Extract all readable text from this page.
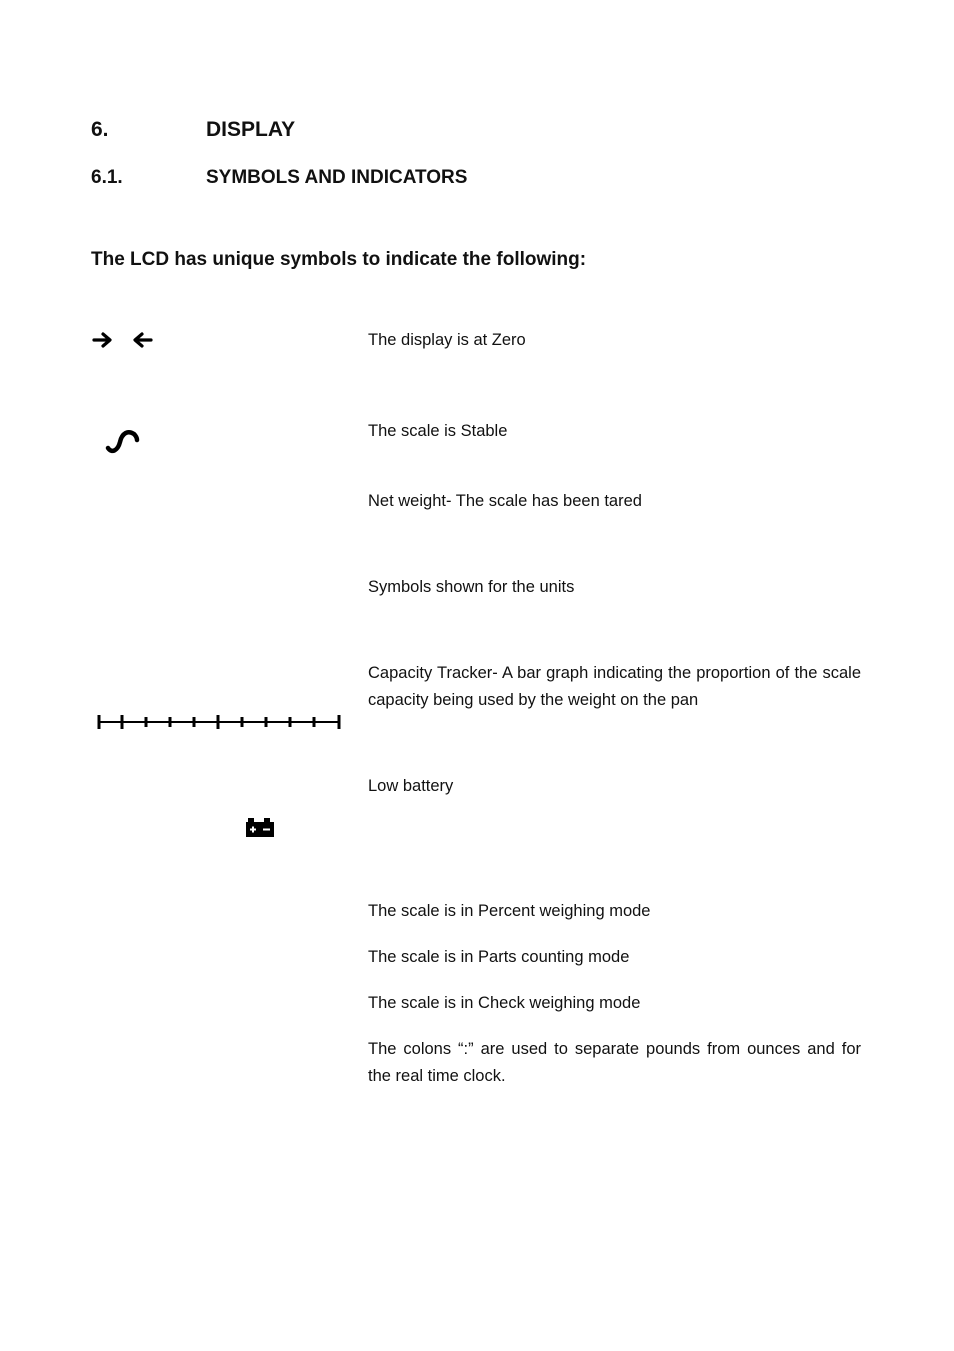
6.	DISPLAY
6.1.	SYMBOLS AND INDICATORS
The LCD has unique symbols to indicate the following:
The display is at Zero
The scale is Stable
Net weight- The scale has been tared
Symbols shown for the units
Capacity Tracker- A bar graph indicating the proportion of the scale capacity being used by the weight on the pan
Low battery
The scale is in Percent weighing mode
The scale is in Parts counting mode
The scale is in Check weighing mode
The colons “:” are used to separate pounds from ounces and for the real time clock.
